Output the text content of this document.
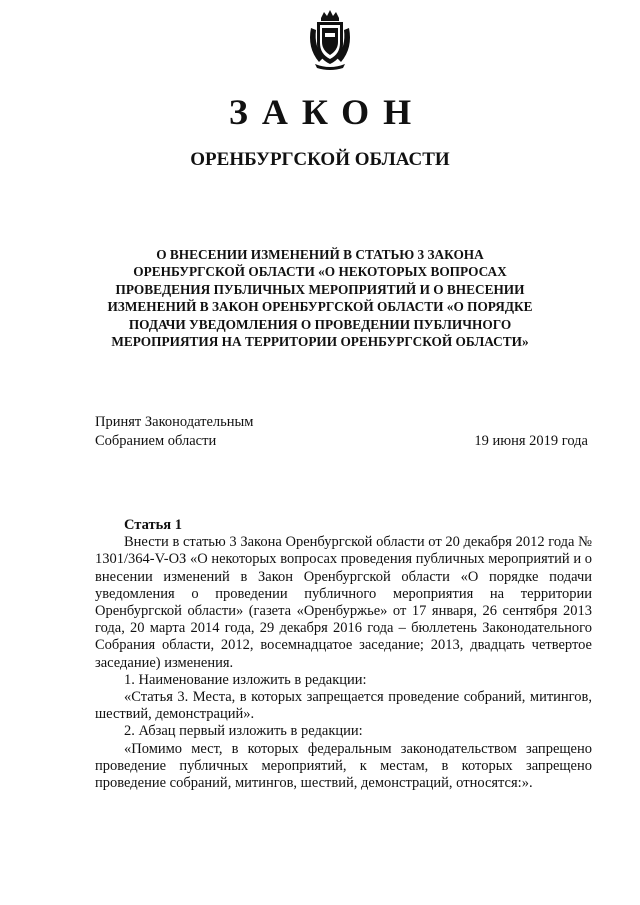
ЗАКОН
ОРЕНБУРГСКОЙ ОБЛАСТИ
О ВНЕСЕНИИ ИЗМЕНЕНИЙ В СТАТЬЮ 3 ЗАКОНА
ОРЕНБУРГСКОЙ ОБЛАСТИ «О НЕКОТОРЫХ ВОПРОСАХ
ПРОВЕДЕНИЯ ПУБЛИЧНЫХ МЕРОПРИЯТИЙ И О ВНЕСЕНИИ
ИЗМЕНЕНИЙ В ЗАКОН ОРЕНБУРГСКОЙ ОБЛАСТИ «О ПОРЯДКЕ
ПОДАЧИ УВЕДОМЛЕНИЯ О ПРОВЕДЕНИИ ПУБЛИЧНОГО
МЕРОПРИЯТИЯ НА ТЕРРИТОРИИ ОРЕНБУРГСКОЙ ОБЛАСТИ»
Принят Законодательным
Собранием области	19 июня 2019 года
Статья 1

Внести в статью 3 Закона Оренбургской области от 20 декабря 2012 года № 1301/364-V-ОЗ «О некоторых вопросах проведения публичных мероприятий и о внесении изменений в Закон Оренбургской области «О порядке подачи уведомления о проведении публичного мероприятия на территории Оренбургской области» (газета «Оренбуржье» от 17 января, 26 сентября 2013 года, 20 марта 2014 года, 29 декабря 2016 года – бюллетень Законодательного Собрания области, 2012, восемнадцатое заседание; 2013, двадцать четвертое заседание) изменения.

1. Наименование изложить в редакции:

«Статья 3. Места, в которых запрещается проведение собраний, митингов, шествий, демонстраций».

2. Абзац первый изложить в редакции:

«Помимо мест, в которых федеральным законодательством запрещено проведение публичных мероприятий, к местам, в которых запрещено проведение собраний, митингов, шествий, демонстраций, относятся:».
